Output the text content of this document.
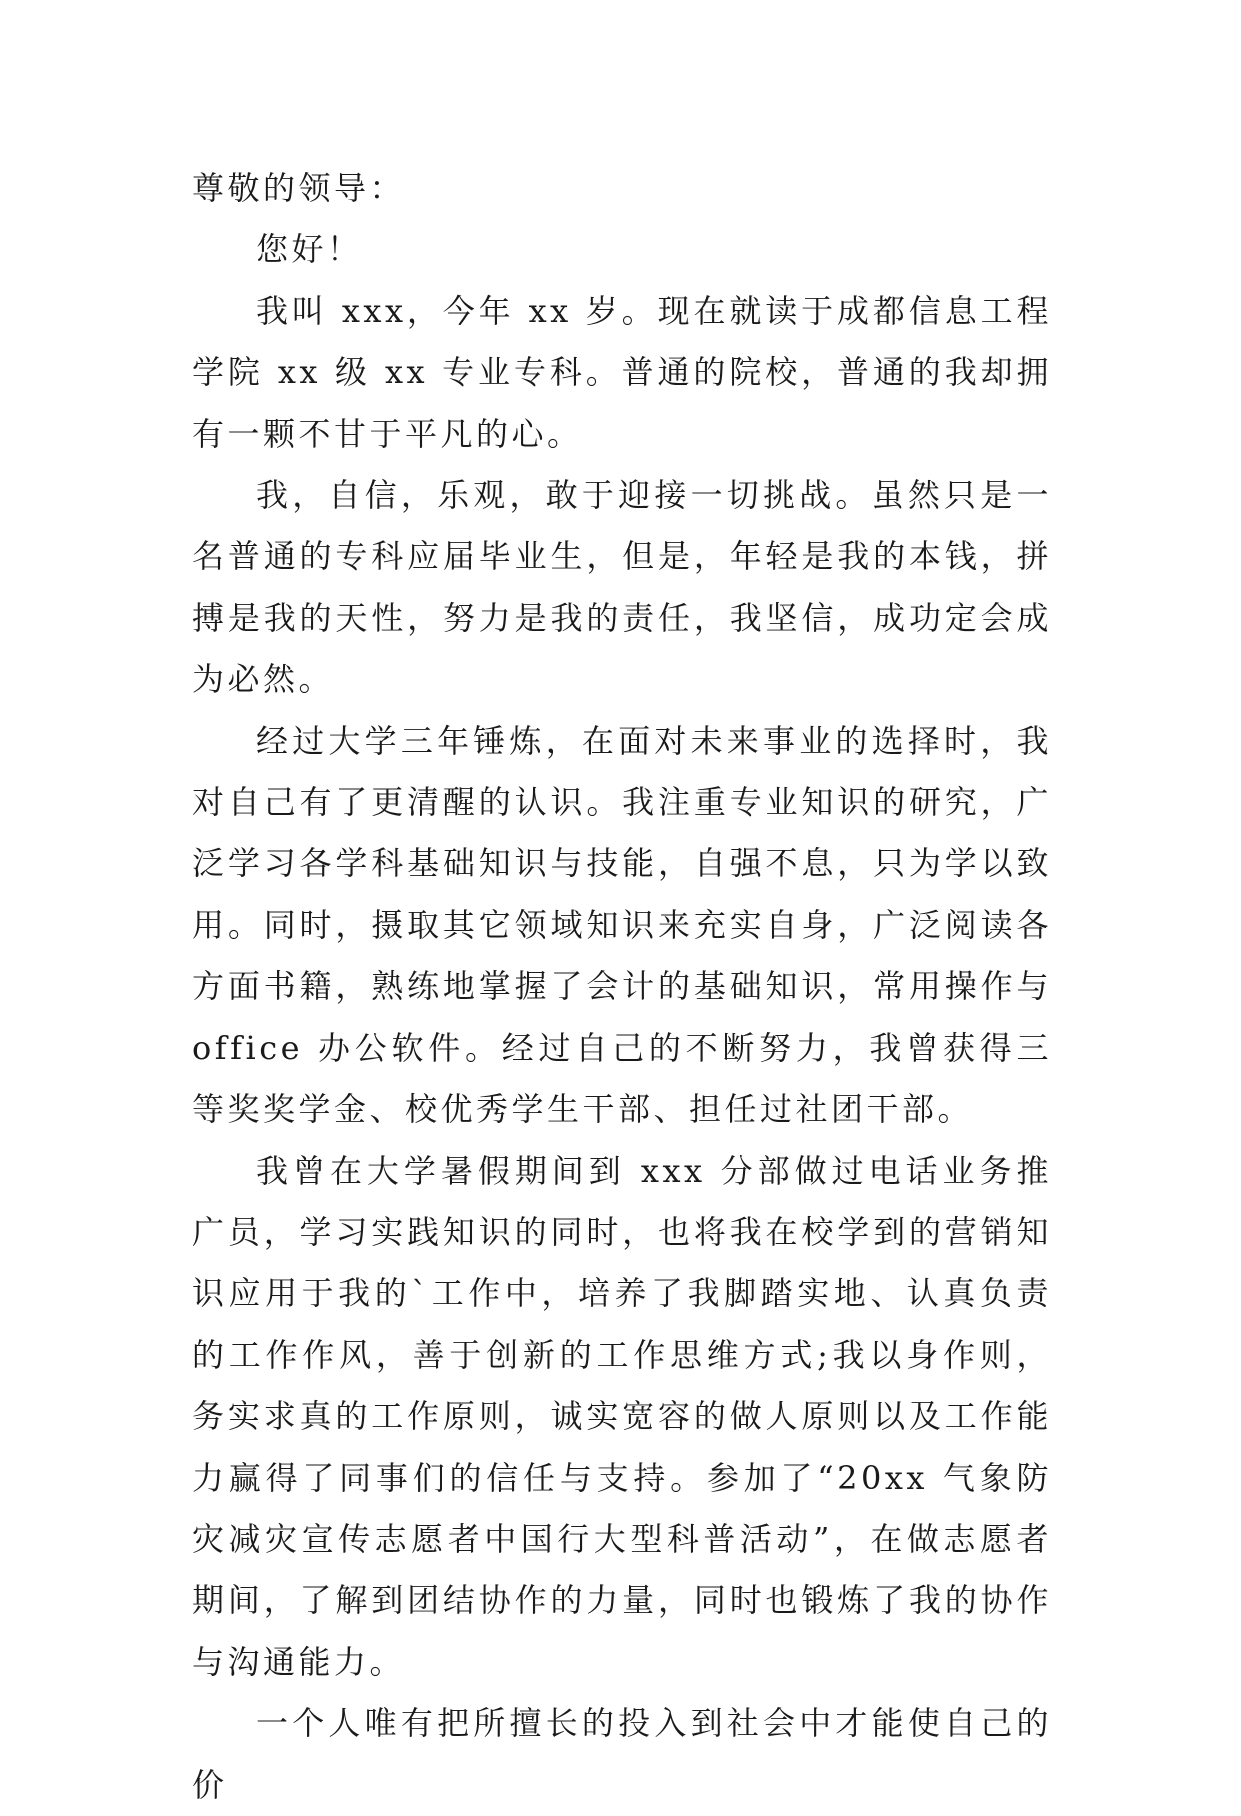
尊敬的领导：

您好！

我叫 xxx，今年 xx 岁。现在就读于成都信息工程学院 xx 级 xx 专业专科。普通的院校，普通的我却拥有一颗不甘于平凡的心。

我，自信，乐观，敢于迎接一切挑战。虽然只是一名普通的专科应届毕业生，但是，年轻是我的本钱，拼搏是我的天性，努力是我的责任，我坚信，成功定会成为必然。

经过大学三年锤炼，在面对未来事业的选择时，我对自己有了更清醒的认识。我注重专业知识的研究，广泛学习各学科基础知识与技能，自强不息，只为学以致用。同时，摄取其它领域知识来充实自身，广泛阅读各方面书籍，熟练地掌握了会计的基础知识，常用操作与 office 办公软件。经过自己的不断努力，我曾获得三等奖奖学金、校优秀学生干部、担任过社团干部。

我曾在大学暑假期间到 xxx 分部做过电话业务推广员，学习实践知识的同时，也将我在校学到的营销知识应用于我的`工作中，培养了我脚踏实地、认真负责的工作作风，善于创新的工作思维方式;我以身作则，务实求真的工作原则，诚实宽容的做人原则以及工作能力赢得了同事们的信任与支持。参加了“20xx 气象防灾减灾宣传志愿者中国行大型科普活动”，在做志愿者期间，了解到团结协作的力量，同时也锻炼了我的协作与沟通能力。

一个人唯有把所擅长的投入到社会中才能使自己的价
